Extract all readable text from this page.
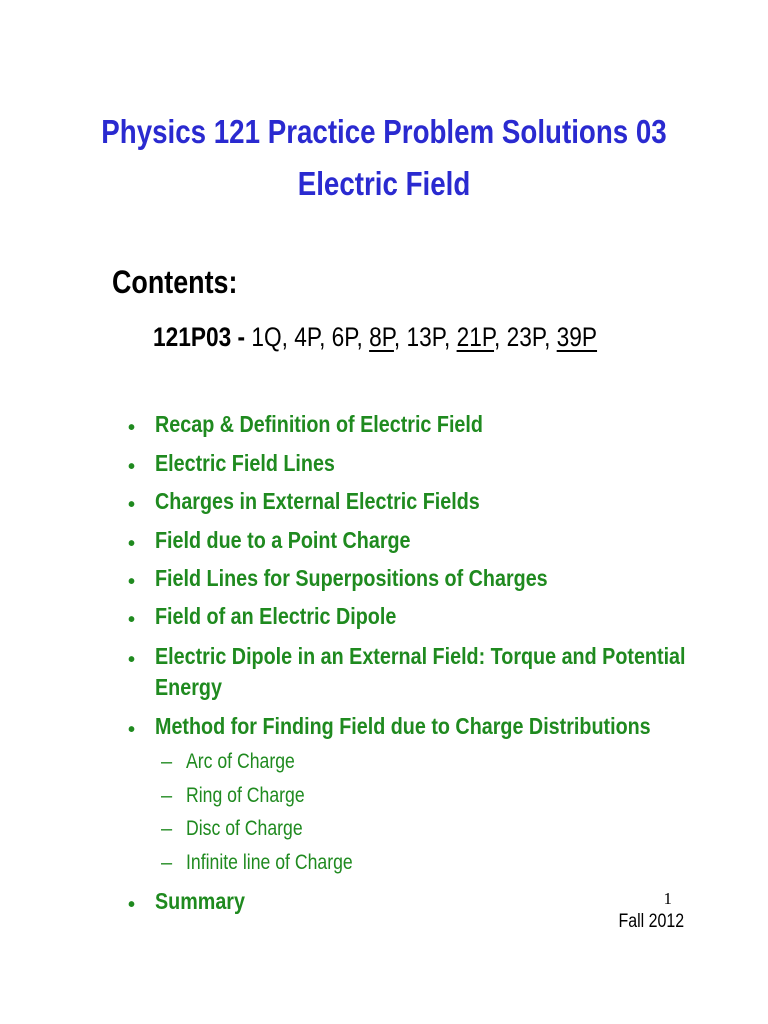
Physics 121 Practice Problem Solutions 03
Electric Field
Contents:
121P03 - 1Q, 4P, 6P, 8P, 13P, 21P, 23P, 39P
• Recap & Definition of Electric Field
• Electric Field Lines
• Charges in External Electric Fields
• Field due to a Point Charge
• Field Lines for Superpositions of Charges
• Field of an Electric Dipole
• Electric Dipole in an External Field: Torque and Potential
Energy
• Method for Finding Field due to Charge Distributions
– Arc of Charge
– Ring of Charge
– Disc of Charge
– Infinite line of Charge
• Summary	1
Fall 2012
